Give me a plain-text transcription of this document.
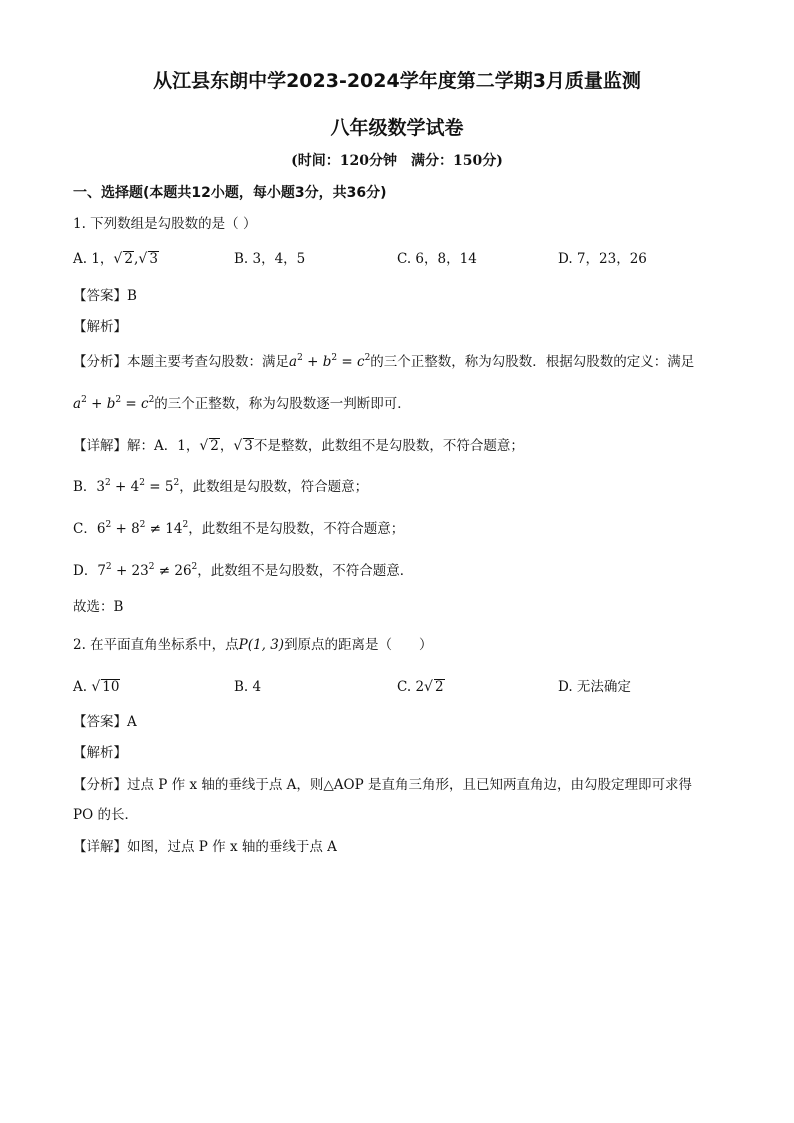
从江县东朗中学2023-2024学年度第二学期3月质量监测
八年级数学试卷
(时间：120分钟　满分：150分)
一、选择题(本题共12小题，每小题3分，共36分)
1. 下列数组是勾股数的是（ ）
A. 1，√ 2,√ 3	B. 3，4，5	C. 6，8，14	D. 7，23，26
【答案】B
【解析】
【分析】本题主要考查勾股数：满足$a^2 + b^2 = c^2$的三个正整数，称为勾股数．根据勾股数的定义：满足
$a^2 + b^2 = c^2$的三个正整数，称为勾股数逐一判断即可．
【详解】解：A．1，√ 2，√ 3不是整数，此数组不是勾股数，不符合题意；
B．$3^2 + 4^2 = 5^2$，此数组是勾股数，符合题意；
C．$6^2 + 8^2 \ne 14^2$，此数组不是勾股数，不符合题意；
D．$7^2 + 23^2 \ne 26^2$，此数组不是勾股数，不符合题意．
故选：B
2. 在平面直角坐标系中，点P(1, 3)到原点的距离是（　　）
A. √ 10	B. 4	C. 2√ 2	D. 无法确定
【答案】A
【解析】
【分析】过点 P 作 x 轴的垂线于点 A，则△AOP 是直角三角形，且已知两直角边，由勾股定理即可求得
PO 的长．
【详解】如图，过点 P 作 x 轴的垂线于点 A
